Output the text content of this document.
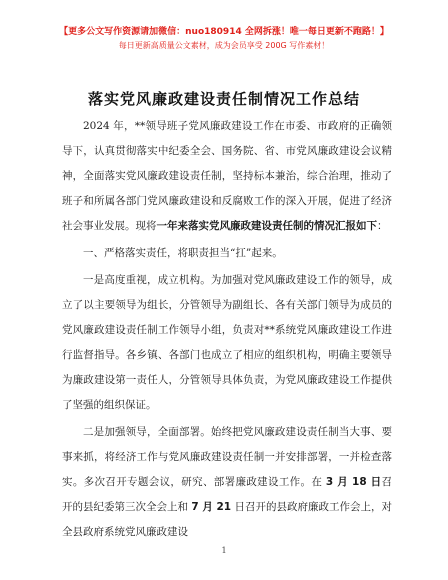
【更多公文写作资源请加微信：nuo180914 全网拆涨！唯一每日更新不跑路！】
每日更新高质量公文素材，成为会员享受 200G 写作素材！
落实党风廉政建设责任制情况工作总结

2024 年，**领导班子党风廉政建设工作在市委、市政府的正确领导下，认真贯彻落实中纪委全会、国务院、省、市党风廉政建设会议精神，全面落实党风廉政建设责任制，坚持标本兼治，综合治理，推动了班子和所属各部门党风廉政建设和反腐败工作的深入开展，促进了经济社会事业发展。现将一年来落实党风廉政建设责任制的情况汇报如下：

一、严格落实责任，将职责担当“扛”起来。

一是高度重视，成立机构。为加强对党风廉政建设工作的领导，成立了以主要领导为组长，分管领导为副组长、各有关部门领导为成员的党风廉政建设责任制工作领导小组，负责对**系统党风廉政建设工作进行监督指导。各乡镇、各部门也成立了相应的组织机构，明确主要领导为廉政建设第一责任人，分管领导具体负责，为党风廉政建设工作提供了坚强的组织保证。

二是加强领导，全面部署。始终把党风廉政建设责任制当大事、要事来抓，将经济工作与党风廉政建设责任制一并安排部署，一并检查落实。多次召开专题会议，研究、部署廉政建设工作。在 3 月 18 日召开的县纪委第三次全会上和 7 月 21 日召开的县政府廉政工作会上，对全县政府系统党风廉政建设

1
